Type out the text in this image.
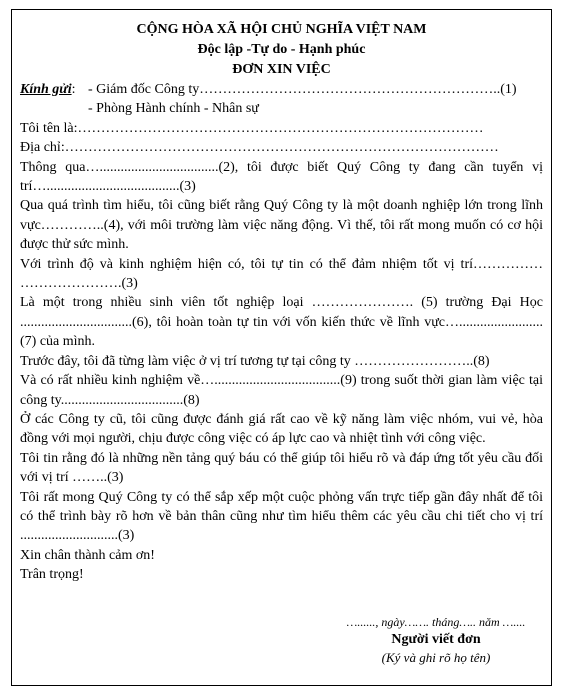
CỘNG HÒA XÃ HỘI CHỦ NGHĨA VIỆT NAM

Độc lập -Tự do - Hạnh phúc

ĐƠN XIN VIỆC

Kính gửi: - Giám đốc Công ty………………………………………………………..(1)

- Phòng Hành chính - Nhân sự

Tôi tên là:……………………………………………………………………………

Địa chỉ:…………………………………………………………………………………

Thông qua…..................................(2), tôi được biết Quý Công ty đang cần tuyển vị trí…......................................(3)

Qua quá trình tìm hiểu, tôi cũng biết rằng Quý Công ty là một doanh nghiệp lớn trong lĩnh vực…………..(4), với môi trường làm việc năng động. Vì thế, tôi rất mong muốn có cơ hội được thử sức mình.

Với trình độ và kinh nghiệm hiện có, tôi tự tin có thể đảm nhiệm tốt vị trí…………… ………………….(3)

Là một trong nhiều sinh viên tốt nghiệp loại …………………. (5) trường Đại Học ................................(6), tôi hoàn toàn tự tin với vốn kiến thức về lĩnh vực…........................ (7) của mình.

Trước đây, tôi đã từng làm việc ở vị trí tương tự tại công ty ……………………..(8)

Và có rất nhiều kinh nghiệm về…....................................(9) trong suốt thời gian làm việc tại công ty...................................(8)

Ở các Công ty cũ, tôi cũng được đánh giá rất cao về kỹ năng làm việc nhóm, vui vẻ, hòa đồng với mọi người, chịu được công việc có áp lực cao và nhiệt tình với công việc.

Tôi tin rằng đó là những nền tảng quý báu có thể giúp tôi hiểu rõ và đáp ứng tốt yêu cầu đối với vị trí ……..(3)

Tôi rất mong Quý Công ty có thể sắp xếp một cuộc phỏng vấn trực tiếp gần đây nhất để tôi có thể trình bày rõ hơn về bản thân cũng như tìm hiểu thêm các yêu cầu chi tiết cho vị trí ............................(3)

Xin chân thành cảm ơn!

Trân trọng!

…......, ngày……. tháng….. năm …....
Người viết đơn
(Ký và ghi rõ họ tên)
